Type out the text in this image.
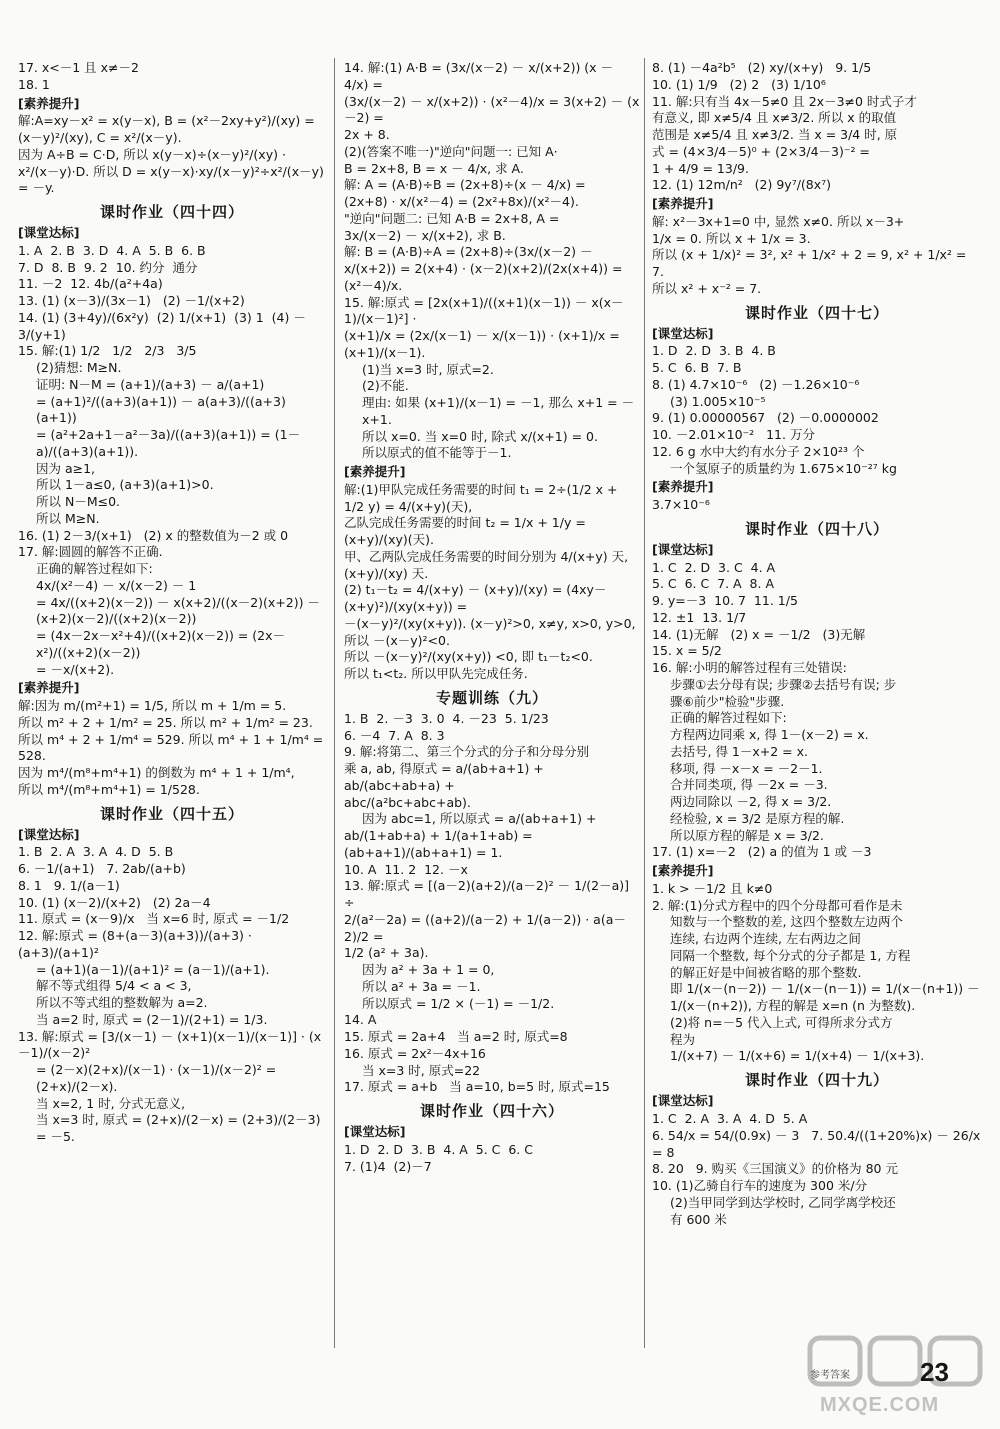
17. x<－1 且 x≠－2
18. 1
[素养提升]
解:A=xy－x² = x(y－x), B = (x²－2xy+y²)/(xy) =
(x－y)²/(xy), C = x²/(x－y).
因为 A÷B = C·D, 所以 x(y－x)÷(x－y)²/(xy) ·
x²/(x－y)·D. 所以 D = x(y－x)·xy/(x－y)²÷x²/(x－y)
= －y.
课时作业（四十四）
[课堂达标]
1. A  2. B  3. D  4. A  5. B  6. B
7. D  8. B  9. 2  10. 约分  通分
11. －2  12. 4b/(a²+4a)
13. (1) (x－3)/(3x－1)   (2) －1/(x+2)
14. (1) (3+4y)/(6x²y)  (2) 1/(x+1)  (3) 1  (4) －3/(y+1)
15. 解:(1) 1/2   1/2   2/3   3/5
(2)猜想: M≥N.
证明: N－M = (a+1)/(a+3) － a/(a+1)
= (a+1)²/((a+3)(a+1)) － a(a+3)/((a+3)(a+1))
= (a²+2a+1－a²－3a)/((a+3)(a+1)) = (1－a)/((a+3)(a+1)).
因为 a≥1,
所以 1－a≤0, (a+3)(a+1)>0.
所以 N－M≤0.
所以 M≥N.
16. (1) 2－3/(x+1)   (2) x 的整数值为－2 或 0
17. 解:圆圆的解答不正确.
正确的解答过程如下:
4x/(x²－4) － x/(x－2) － 1
= 4x/((x+2)(x－2)) － x(x+2)/((x－2)(x+2)) － (x+2)(x－2)/((x+2)(x－2))
= (4x－2x－x²+4)/((x+2)(x－2)) = (2x－x²)/((x+2)(x－2))
= －x/(x+2).
[素养提升]
解:因为 m/(m²+1) = 1/5, 所以 m + 1/m = 5.
所以 m² + 2 + 1/m² = 25. 所以 m² + 1/m² = 23.
所以 m⁴ + 2 + 1/m⁴ = 529. 所以 m⁴ + 1 + 1/m⁴ = 528.
因为 m⁴/(m⁸+m⁴+1) 的倒数为 m⁴ + 1 + 1/m⁴,
所以 m⁴/(m⁸+m⁴+1) = 1/528.
课时作业（四十五）
[课堂达标]
1. B  2. A  3. A  4. D  5. B
6. －1/(a+1)   7. 2ab/(a+b)
8. 1   9. 1/(a－1)
10. (1) (x－2)/(x+2)   (2) 2a－4
11. 原式 = (x－9)/x   当 x=6 时, 原式 = －1/2
12. 解:原式 = (8+(a－3)(a+3))/(a+3) · (a+3)/(a+1)²
= (a+1)(a－1)/(a+1)² = (a－1)/(a+1).
解不等式组得 5/4 < a < 3,
所以不等式组的整数解为 a=2.
当 a=2 时, 原式 = (2－1)/(2+1) = 1/3.
13. 解:原式 = [3/(x－1) － (x+1)(x－1)/(x－1)] · (x－1)/(x－2)²
= (2－x)(2+x)/(x－1) · (x－1)/(x－2)² = (2+x)/(2－x).
当 x=2, 1 时, 分式无意义,
当 x=3 时, 原式 = (2+x)/(2－x) = (2+3)/(2－3) = －5.
14. 解:(1) A·B = (3x/(x－2) － x/(x+2)) (x － 4/x) =
(3x/(x－2) － x/(x+2)) · (x²－4)/x = 3(x+2) － (x－2) =
2x + 8.
(2)(答案不唯一)"逆向"问题一: 已知 A·
B = 2x+8, B = x － 4/x, 求 A.
解: A = (A·B)÷B = (2x+8)÷(x － 4/x) =
(2x+8) · x/(x²－4) = (2x²+8x)/(x²－4).
"逆向"问题二: 已知 A·B = 2x+8, A =
3x/(x－2) － x/(x+2), 求 B.
解: B = (A·B)÷A = (2x+8)÷(3x/(x－2) －
x/(x+2)) = 2(x+4) · (x－2)(x+2)/(2x(x+4)) = (x²－4)/x.
15. 解:原式 = [2x(x+1)/((x+1)(x－1)) － x(x－1)/(x－1)²] ·
(x+1)/x = (2x/(x－1) － x/(x－1)) · (x+1)/x = (x+1)/(x－1).
(1)当 x=3 时, 原式=2.
(2)不能.
理由: 如果 (x+1)/(x－1) = －1, 那么 x+1 = －x+1.
所以 x=0. 当 x=0 时, 除式 x/(x+1) = 0.
所以原式的值不能等于－1.
[素养提升]
解:(1)甲队完成任务需要的时间 t₁ = 2÷(1/2 x +
1/2 y) = 4/(x+y)(天),
乙队完成任务需要的时间 t₂ = 1/x + 1/y = (x+y)/(xy)(天).
甲、乙两队完成任务需要的时间分别为 4/(x+y) 天,
(x+y)/(xy) 天.
(2) t₁－t₂ = 4/(x+y) － (x+y)/(xy) = (4xy－(x+y)²)/(xy(x+y)) =
－(x－y)²/(xy(x+y)). (x－y)²>0, x≠y, x>0, y>0,
所以 －(x－y)²<0.
所以 －(x－y)²/(xy(x+y)) <0, 即 t₁－t₂<0.
所以 t₁<t₂. 所以甲队先完成任务.
专题训练（九）
1. B  2. －3  3. 0  4. －23  5. 1/23
6. －4  7. A  8. 3
9. 解:将第二、第三个分式的分子和分母分别
乘 a, ab, 得原式 = a/(ab+a+1) + ab/(abc+ab+a) +
abc/(a²bc+abc+ab).
因为 abc=1, 所以原式 = a/(ab+a+1) +
ab/(1+ab+a) + 1/(a+1+ab) = (ab+a+1)/(ab+a+1) = 1.
10. A  11. 2  12. －x
13. 解:原式 = [(a－2)(a+2)/(a－2)² － 1/(2－a)] ÷
2/(a²－2a) = ((a+2)/(a－2) + 1/(a－2)) · a(a－2)/2 =
1/2 (a² + 3a).
因为 a² + 3a + 1 = 0,
所以 a² + 3a = －1.
所以原式 = 1/2 × (－1) = －1/2.
14. A
15. 原式 = 2a+4   当 a=2 时, 原式=8
16. 原式 = 2x²－4x+16
当 x=3 时, 原式=22
17. 原式 = a+b   当 a=10, b=5 时, 原式=15
课时作业（四十六）
[课堂达标]
1. D  2. D  3. B  4. A  5. C  6. C
7. (1)4  (2)－7
8. (1) －4a²b⁵   (2) xy/(x+y)   9. 1/5
10. (1) 1/9   (2) 2   (3) 1/10⁶
11. 解:只有当 4x－5≠0 且 2x－3≠0 时式子才
有意义, 即 x≠5/4 且 x≠3/2. 所以 x 的取值
范围是 x≠5/4 且 x≠3/2. 当 x = 3/4 时, 原
式 = (4×3/4－5)⁰ + (2×3/4－3)⁻² =
1 + 4/9 = 13/9.
12. (1) 12m/n²   (2) 9y⁷/(8x⁷)
[素养提升]
解: x²－3x+1=0 中, 显然 x≠0. 所以 x－3+
1/x = 0. 所以 x + 1/x = 3.
所以 (x + 1/x)² = 3², x² + 1/x² + 2 = 9, x² + 1/x² = 7.
所以 x² + x⁻² = 7.
课时作业（四十七）
[课堂达标]
1. D  2. D  3. B  4. B
5. C  6. B  7. B
8. (1) 4.7×10⁻⁶   (2) －1.26×10⁻⁶
(3) 1.005×10⁻⁵
9. (1) 0.00000567   (2) －0.0000002
10. －2.01×10⁻²   11. 万分
12. 6 g 水中大约有水分子 2×10²³ 个
一个氢原子的质量约为 1.675×10⁻²⁷ kg
[素养提升]
3.7×10⁻⁶
课时作业（四十八）
[课堂达标]
1. C  2. D  3. C  4. A
5. C  6. C  7. A  8. A
9. y=－3  10. 7  11. 1/5
12. ±1  13. 1/7
14. (1)无解   (2) x = －1/2   (3)无解
15. x = 5/2
16. 解:小明的解答过程有三处错误:
步骤①去分母有误; 步骤②去括号有误; 步
骤⑥前少"检验"步骤.
正确的解答过程如下:
方程两边同乘 x, 得 1－(x－2) = x.
去括号, 得 1－x+2 = x.
移项, 得 －x－x = －2－1.
合并同类项, 得 －2x = －3.
两边同除以 －2, 得 x = 3/2.
经检验, x = 3/2 是原方程的解.
所以原方程的解是 x = 3/2.
17. (1) x=－2   (2) a 的值为 1 或 －3
[素养提升]
1. k > －1/2 且 k≠0
2. 解:(1)分式方程中的四个分母都可看作是未
知数与一个整数的差, 这四个整数左边两个
连续, 右边两个连续, 左右两边之间
同隔一个整数, 每个分式的分子都是 1, 方程
的解正好是中间被省略的那个整数.
即 1/(x－(n－2)) － 1/(x－(n－1)) = 1/(x－(n+1)) －
1/(x－(n+2)), 方程的解是 x=n (n 为整数).
(2)将 n=－5 代入上式, 可得所求分式方
程为
1/(x+7) － 1/(x+6) = 1/(x+4) － 1/(x+3).
课时作业（四十九）
[课堂达标]
1. C  2. A  3. A  4. D  5. A
6. 54/x = 54/(0.9x) － 3   7. 50.4/((1+20%)x) － 26/x = 8
8. 20   9. 购买《三国演义》的价格为 80 元
10. (1)乙骑自行车的速度为 300 米/分
(2)当甲同学到达学校时, 乙同学离学校还
有 600 米
参考答案	23
MXQE.COM
